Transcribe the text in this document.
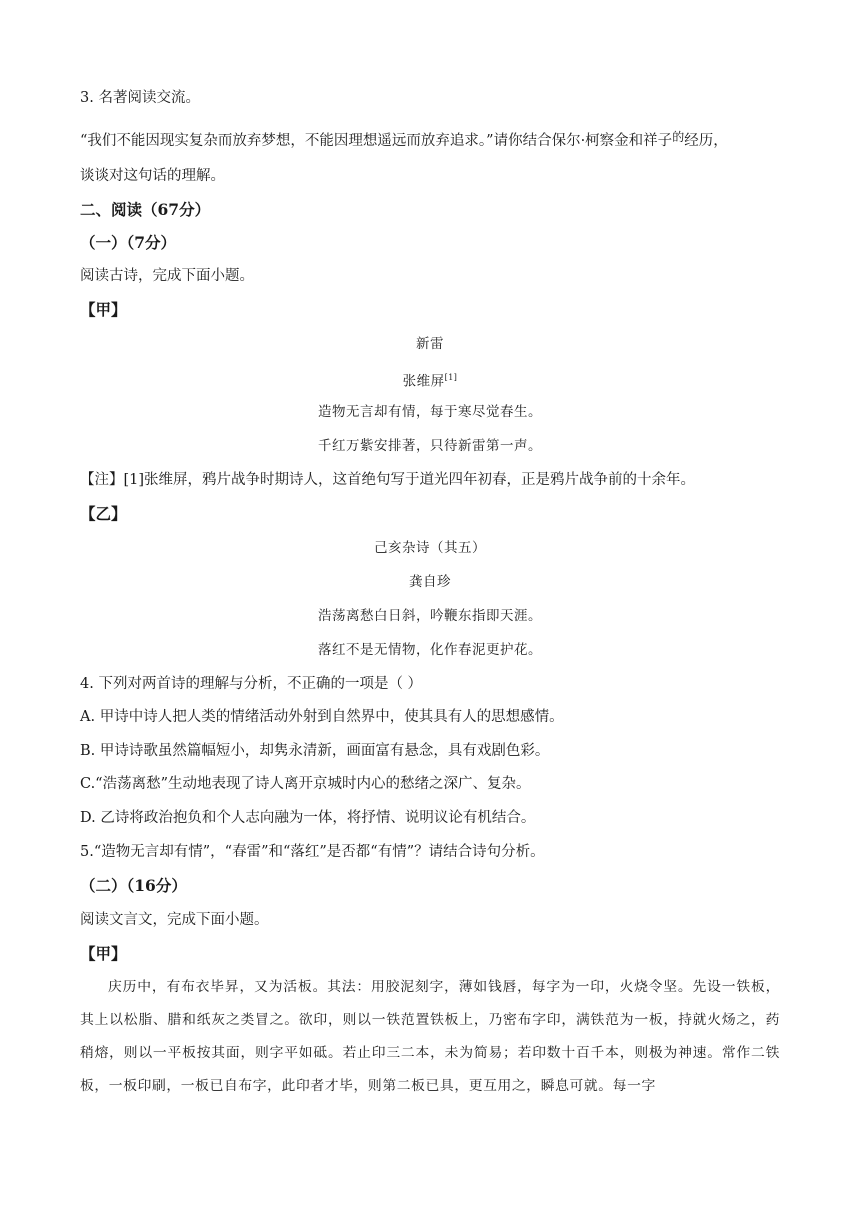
3. 名著阅读交流。
“我们不能因现实复杂而放弃梦想，不能因理想遥远而放弃追求。”请你结合保尔·柯察金和祥子$^的$经历，
谈谈对这句话的理解。
二、阅读（67分）
（一）（7分）
阅读古诗，完成下面小题。
【甲】
新雷
张维屏[1]
造物无言却有情，每于寒尽觉春生。
千红万紫安排著，只待新雷第一声。
【注】[1]张维屏，鸦片战争时期诗人，这首绝句写于道光四年初春，正是鸦片战争前的十余年。
【乙】
己亥杂诗（其五）
龚自珍
浩荡离愁白日斜，吟鞭东指即天涯。
落红不是无情物，化作春泥更护花。
4. 下列对两首诗的理解与分析，不正确的一项是（ ）
A. 甲诗中诗人把人类的情绪活动外射到自然界中，使其具有人的思想感情。
B. 甲诗诗歌虽然篇幅短小，却隽永清新，画面富有悬念，具有戏剧色彩。
C.“浩荡离愁”生动地表现了诗人离开京城时内心的愁绪之深广、复杂。
D. 乙诗将政治抱负和个人志向融为一体，将抒情、说明议论有机结合。
5.“造物无言却有情”，“春雷”和“落红”是否都“有情”？请结合诗句分析。
（二）（16分）
阅读文言文，完成下面小题。
【甲】
庆历中，有布衣毕昇，又为活板。其法：用胶泥刻字，薄如钱唇，每字为一印，火烧令坚。先设一铁板，其上以松脂、腊和纸灰之类冒之。欲印，则以一铁范置铁板上，乃密布字印，满铁范为一板，持就火炀之，药稍熔，则以一平板按其面，则字平如砥。若止印三二本，未为简易；若印数十百千本，则极为神速。常作二铁板，一板印刷，一板已自布字，此印者才毕，则第二板已具，更互用之，瞬息可就。每一字
